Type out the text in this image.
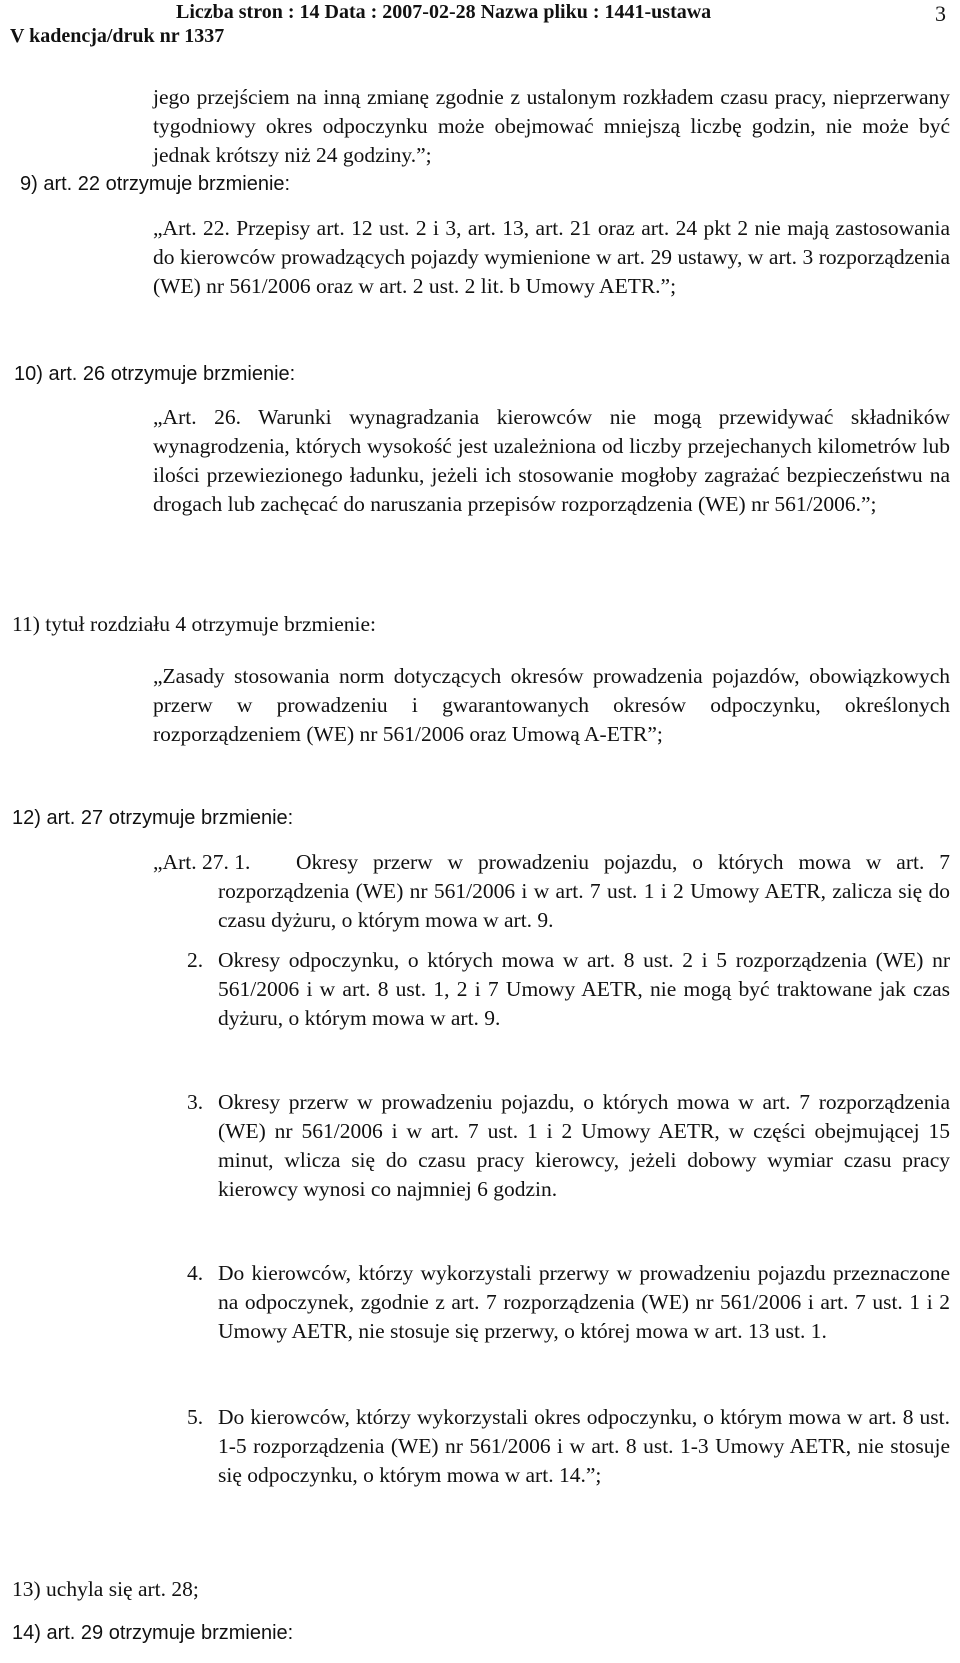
Liczba stron : 14 Data : 2007-02-28 Nazwa pliku : 1441-ustawa
V kadencja/druk nr 1337
3
jego przejściem na inną zmianę zgodnie z ustalonym rozkładem czasu pracy, nieprzerwany tygodniowy okres odpoczynku może obejmować mniejszą liczbę godzin, nie może być jednak krótszy niż 24 godziny.”;
9) art. 22 otrzymuje brzmienie:
„Art. 22. Przepisy art. 12 ust. 2 i 3, art. 13, art. 21 oraz art. 24 pkt 2 nie mają zastosowania do kierowców prowadzących pojazdy wymienione w art. 29 ustawy, w art. 3 rozporządzenia (WE) nr 561/2006 oraz w art. 2 ust. 2 lit. b Umowy AETR.”;
10) art. 26 otrzymuje brzmienie:
„Art. 26. Warunki wynagradzania kierowców nie mogą przewidywać składników wynagrodzenia, których wysokość jest uzależniona od liczby przejechanych kilometrów lub ilości przewiezionego ładunku, jeżeli ich stosowanie mogłoby zagrażać bezpieczeństwu na drogach lub zachęcać do naruszania przepisów rozporządzenia (WE) nr 561/2006.”;
11) tytuł rozdziału 4 otrzymuje brzmienie:
„Zasady stosowania norm dotyczących okresów prowadzenia pojazdów, obowiązkowych przerw w prowadzeniu i gwarantowanych okresów odpoczynku, określonych rozporządzeniem (WE) nr 561/2006 oraz Umową A-ETR”;
12) art. 27 otrzymuje brzmienie:
„Art. 27. 1.	Okresy przerw w prowadzeniu pojazdu, o których mowa w art. 7 rozporządzenia (WE) nr 561/2006 i w art. 7 ust. 1 i 2 Umowy AETR, zalicza się do czasu dyżuru, o którym mowa w art. 9.
2. Okresy odpoczynku, o których mowa w art. 8 ust. 2 i 5 rozporządzenia (WE) nr 561/2006 i w art. 8 ust. 1, 2 i 7 Umowy AETR, nie mogą być traktowane jak czas dyżuru, o którym mowa w art. 9.
3. Okresy przerw w prowadzeniu pojazdu, o których mowa w art. 7 rozporządzenia (WE) nr 561/2006 i w art. 7 ust. 1 i 2 Umowy AETR, w części obejmującej 15 minut, wlicza się do czasu pracy kierowcy, jeżeli dobowy wymiar czasu pracy kierowcy wynosi co najmniej 6 godzin.
4. Do kierowców, którzy wykorzystali przerwy w prowadzeniu pojazdu przeznaczone na odpoczynek, zgodnie z art. 7 rozporządzenia (WE) nr 561/2006 i art. 7 ust. 1 i 2 Umowy AETR, nie stosuje się przerwy, o której mowa w art. 13 ust. 1.
5. Do kierowców, którzy wykorzystali okres odpoczynku, o którym mowa w art. 8 ust. 1-5 rozporządzenia (WE) nr 561/2006 i w art. 8 ust. 1-3 Umowy AETR, nie stosuje się odpoczynku, o którym mowa w art. 14.”;
13) uchyla się art. 28;
14) art. 29 otrzymuje brzmienie:
